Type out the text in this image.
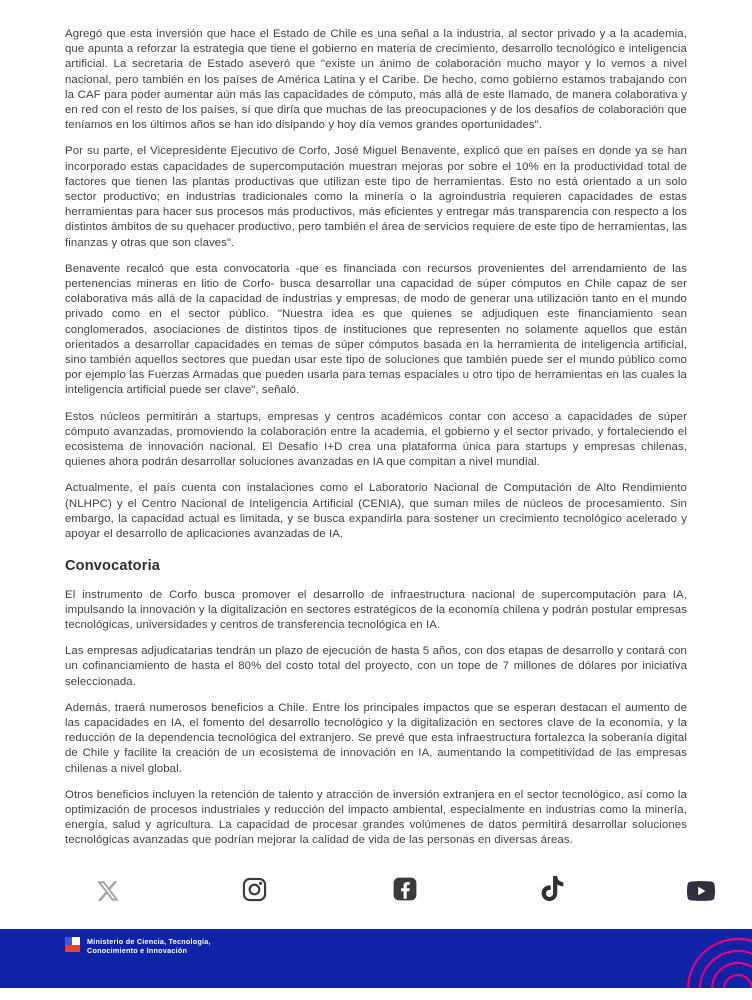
Agregó que esta inversión que hace el Estado de Chile es una señal a la industria, al sector privado y a la academia, que apunta a reforzar la estrategia que tiene el gobierno en materia de crecimiento, desarrollo tecnológico e inteligencia artificial. La secretaria de Estado aseveró que "existe un ánimo de colaboración mucho mayor y lo vemos a nivel nacional, pero también en los países de América Latina y el Caribe. De hecho, como gobierno estamos trabajando con la CAF para poder aumentar aún más las capacidades de cómputo, más allá de este llamado, de manera colaborativa y en red con el resto de los países, sí que diría que muchas de las preocupaciones y de los desafíos de colaboración que teníamos en los últimos años se han ido disipando y hoy día vemos grandes oportunidades".

Por su parte, el Vicepresidente Ejecutivo de Corfo, José Miguel Benavente, explicó que en países en donde ya se han incorporado estas capacidades de supercomputación muestran mejoras por sobre el 10% en la productividad total de factores que tienen las plantas productivas que utilizan este tipo de herramientas. Esto no está orientado a un solo sector productivo; en industrias tradicionales como la minería o la agroindustria requieren capacidades de estas herramientas para hacer sus procesos más productivos, más eficientes y entregar más transparencia con respecto a los distintos ámbitos de su quehacer productivo, pero también el área de servicios requiere de este tipo de herramientas, las finanzas y otras que son claves".

Benavente recalcó que esta convocatoria -que es financiada con recursos provenientes del arrendamiento de las pertenencias mineras en litio de Corfo- busca desarrollar una capacidad de súper cómputos en Chile capaz de ser colaborativa más allá de la capacidad de industrias y empresas, de modo de generar una utilización tanto en el mundo privado como en el sector público. "Nuestra idea es que quienes se adjudiquen este financiamiento sean conglomerados, asociaciones de distintos tipos de instituciones que representen no solamente aquellos que están orientados a desarrollar capacidades en temas de súper cómputos basada en la herramienta de inteligencia artificial, sino también aquellos sectores que puedan usar este tipo de soluciones que también puede ser el mundo público como por ejemplo las Fuerzas Armadas que pueden usarla para temas espaciales u otro tipo de herramientas en las cuales la inteligencia artificial puede ser clave", señaló.

Estos núcleos permitirán a startups, empresas y centros académicos contar con acceso a capacidades de súper cómputo avanzadas, promoviendo la colaboración entre la academia, el gobierno y el sector privado, y fortaleciendo el ecosistema de innovación nacional. El Desafío I+D crea una plataforma única para startups y empresas chilenas, quienes ahora podrán desarrollar soluciones avanzadas en IA que compitan a nivel mundial.

Actualmente, el país cuenta con instalaciones como el Laboratorio Nacional de Computación de Alto Rendimiento (NLHPC) y el Centro Nacional de Inteligencia Artificial (CENIA), que suman miles de núcleos de procesamiento. Sin embargo, la capacidad actual es limitada, y se busca expandirla para sostener un crecimiento tecnológico acelerado y apoyar el desarrollo de aplicaciones avanzadas de IA.

Convocatoria

El instrumento de Corfo busca promover el desarrollo de infraestructura nacional de supercomputación para IA, impulsando la innovación y la digitalización en sectores estratégicos de la economía chilena y podrán postular empresas tecnológicas, universidades y centros de transferencia tecnológica en IA.

Las empresas adjudicatarias tendrán un plazo de ejecución de hasta 5 años, con dos etapas de desarrollo y contará con un cofinanciamiento de hasta el 80% del costo total del proyecto, con un tope de 7 millones de dólares por iniciativa seleccionada.

Además, traerá numerosos beneficios a Chile. Entre los principales impactos que se esperan destacan el aumento de las capacidades en IA, el fomento del desarrollo tecnológico y la digitalización en sectores clave de la economía, y la reducción de la dependencia tecnológica del extranjero. Se prevé que esta infraestructura fortalezca la soberanía digital de Chile y facilite la creación de un ecosistema de innovación en IA, aumentando la competitividad de las empresas chilenas a nivel global.

Otros beneficios incluyen la retención de talento y atracción de inversión extranjera en el sector tecnológico, así como la optimización de procesos industriales y reducción del impacto ambiental, especialmente en industrias como la minería, energía, salud y agricultura. La capacidad de procesar grandes volúmenes de datos permitirá desarrollar soluciones tecnológicas avanzadas que podrían mejorar la calidad de vida de las personas en diversas áreas.

Ministerio de Ciencia, Tecnología,
Conocimiento e Innovación
